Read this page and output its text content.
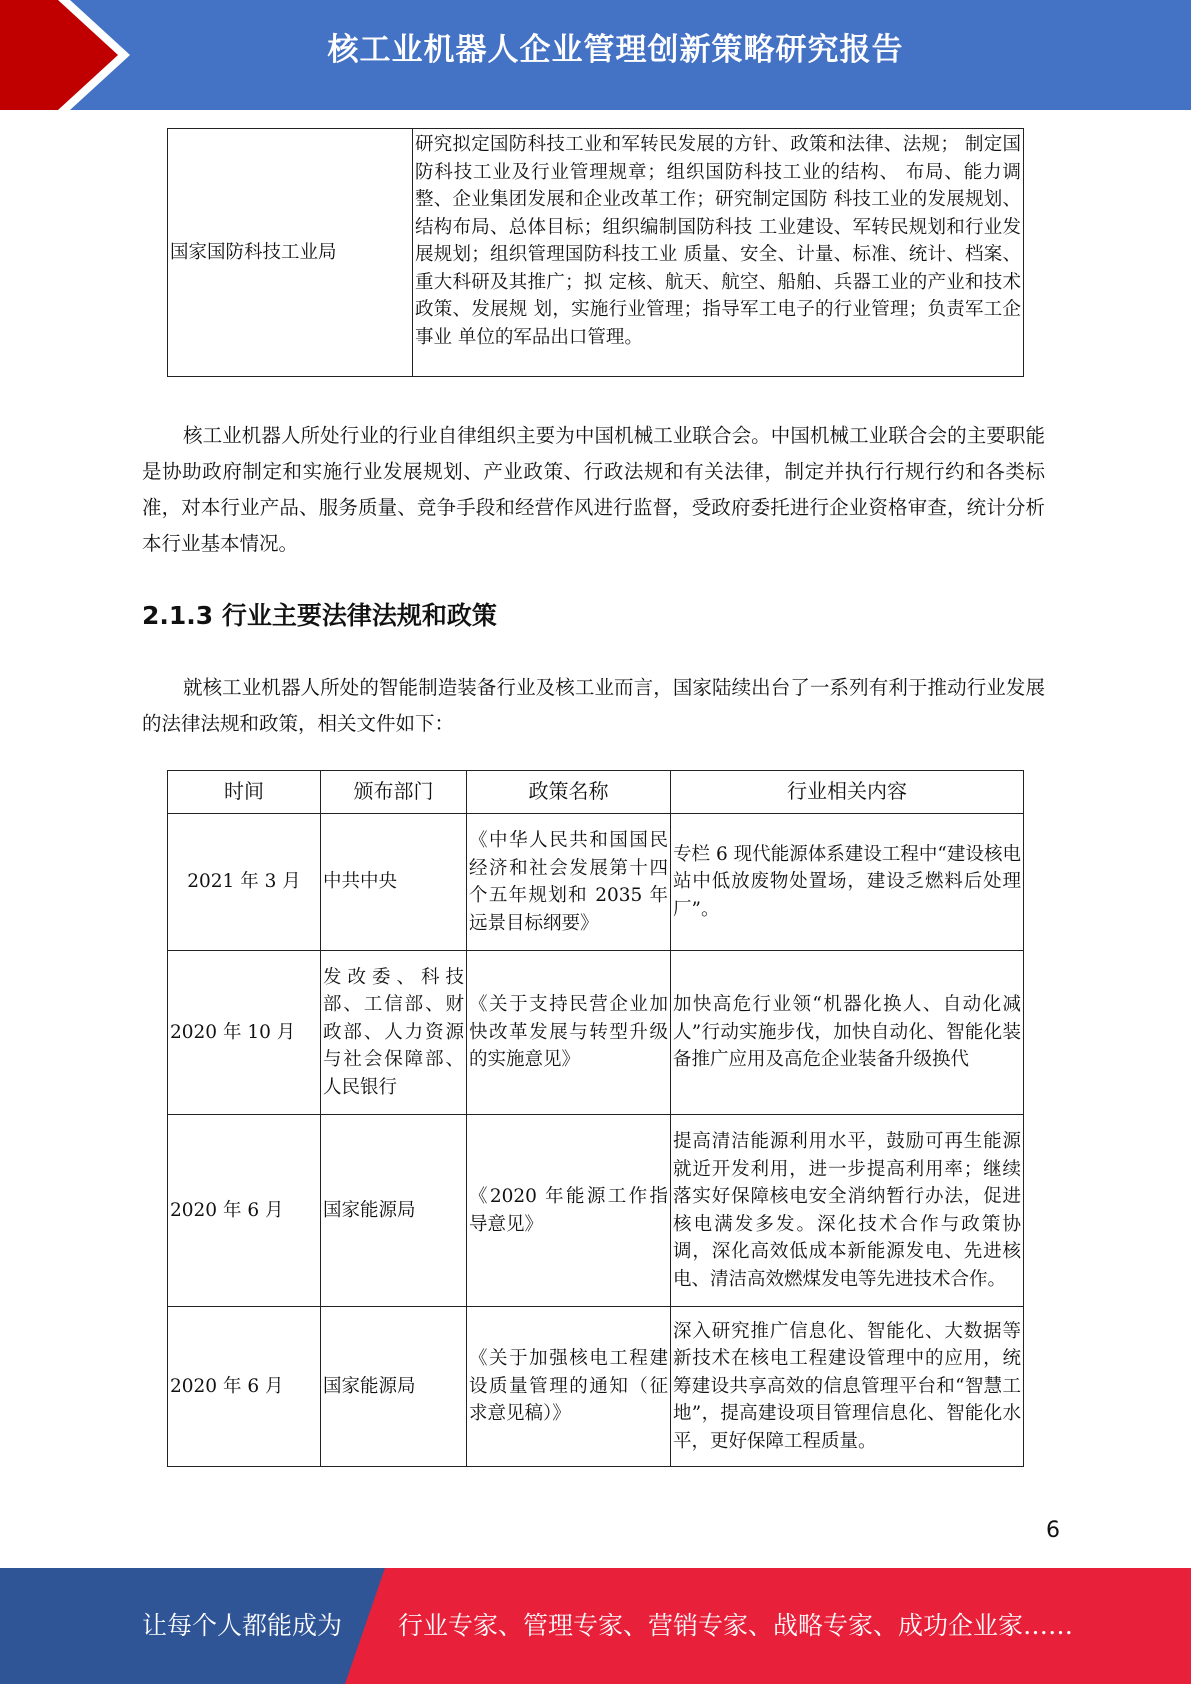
核工业机器人企业管理创新策略研究报告
国家国防科技工业局	研究拟定国防科技工业和军转民发展的方针、政策和法律、法规； 制定国防科技工业及行业管理规章；组织国防科技工业的结构、 布局、能力调整、企业集团发展和企业改革工作；研究制定国防 科技工业的发展规划、结构布局、总体目标；组织编制国防科技 工业建设、军转民规划和行业发展规划；组织管理国防科技工业 质量、安全、计量、标准、统计、档案、重大科研及其推广；拟 定核、航天、航空、船舶、兵器工业的产业和技术政策、发展规 划，实施行业管理；指导军工电子的行业管理；负责军工企事业 单位的军品出口管理。

核工业机器人所处行业的行业自律组织主要为中国机械工业联合会。中国机械工业联合会的主要职能是协助政府制定和实施行业发展规划、产业政策、行政法规和有关法律，制定并执行行规行约和各类标准，对本行业产品、服务质量、竞争手段和经营作风进行监督，受政府委托进行企业资格审查，统计分析本行业基本情况。

2.1.3 行业主要法律法规和政策

就核工业机器人所处的智能制造装备行业及核工业而言，国家陆续出台了一系列有利于推动行业发展的法律法规和政策，相关文件如下：

时间	颁布部门	政策名称	行业相关内容
2021 年 3 月	中共中央	《中华人民共和国国民经济和社会发展第十四个五年规划和 2035 年远景目标纲要》	专栏 6 现代能源体系建设工程中“建设核电站中低放废物处置场，建设乏燃料后处理厂”。
2020 年 10 月	发改委、科技部、工信部、财政部、人力资源与社会保障部、人民银行	《关于支持民营企业加快改革发展与转型升级的实施意见》	加快高危行业领“机器化换人、自动化减人”行动实施步伐，加快自动化、智能化装备推广应用及高危企业装备升级换代
2020 年 6 月	国家能源局	《2020 年能源工作指导意见》	提高清洁能源利用水平，鼓励可再生能源就近开发利用，进一步提高利用率；继续落实好保障核电安全消纳暂行办法，促进核电满发多发。深化技术合作与政策协调，深化高效低成本新能源发电、先进核电、清洁高效燃煤发电等先进技术合作。
2020 年 6 月	国家能源局	《关于加强核电工程建设质量管理的通知（征求意见稿）》	深入研究推广信息化、智能化、大数据等新技术在核电工程建设管理中的应用，统筹建设共享高效的信息管理平台和“智慧工地”，提高建设项目管理信息化、智能化水平，更好保障工程质量。
6
让每个人都能成为 行业专家、管理专家、营销专家、战略专家、成功企业家……
